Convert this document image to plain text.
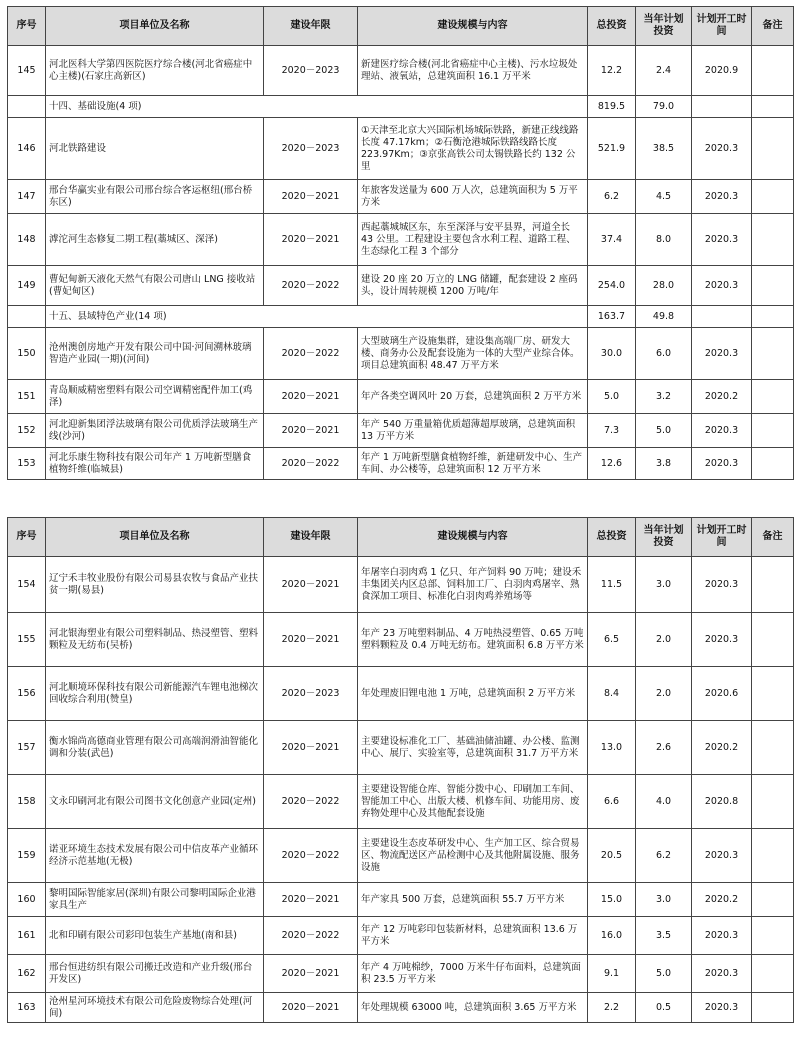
序号	项目单位及名称	建设年限	建设规模与内容	总投资	当年计划投资	计划开工时间	备注
145	河北医科大学第四医院医疗综合楼(河北省癌症中心主楼)(石家庄高新区)	2020－2023	新建医疗综合楼(河北省癌症中心主楼)、污水垃圾处理站、液氧站，总建筑面积 16.1 万平米	12.2	2.4	2020.9	
	十四、基础设施(4 项)			819.5	79.0		
146	河北铁路建设	2020－2023	①天津至北京大兴国际机场城际铁路，新建正线线路长度 47.17km；②石衡沧港城际铁路线路长度 223.97Km；③京张高铁公司太锡铁路长约 132 公里	521.9	38.5	2020.3	
147	邢台华赢实业有限公司邢台综合客运枢纽(邢台桥东区)	2020－2021	年旅客发送量为 600 万人次，总建筑面积为 5 万平方米	6.2	4.5	2020.3	
148	滹沱河生态修复二期工程(藁城区、深泽)	2020－2021	西起藁城城区东，东至深泽与安平县界，河道全长 43 公里。工程建设主要包含水利工程、道路工程、生态绿化工程 3 个部分	37.4	8.0	2020.3	
149	曹妃甸新天液化天然气有限公司唐山 LNG 接收站(曹妃甸区)	2020－2022	建设 20 座 20 万立的 LNG 储罐，配套建设 2 座码头，设计周转规模 1200 万吨/年	254.0	28.0	2020.3	
	十五、县域特色产业(14 项)			163.7	49.8		
150	沧州澳创房地产开发有限公司中国·河间溯林玻璃智造产业园(一期)(河间)	2020－2022	大型玻璃生产设施集群，建设集高端厂房、研发大楼、商务办公及配套设施为一体的大型产业综合体。项目总建筑面积 48.47 万平方米	30.0	6.0	2020.3	
151	青岛顺威精密塑料有限公司空调精密配件加工(鸡泽)	2020－2021	年产各类空调风叶 20 万套，总建筑面积 2 万平方米	5.0	3.2	2020.2	
152	河北迎新集团浮法玻璃有限公司优质浮法玻璃生产线(沙河)	2020－2021	年产 540 万重量箱优质超薄超厚玻璃，总建筑面积 13 万平方米	7.3	5.0	2020.3	
153	河北乐康生物科技有限公司年产 1 万吨新型膳食植物纤维(临城县)	2020－2022	年产 1 万吨新型膳食植物纤维，新建研发中心、生产车间、办公楼等，总建筑面积 12 万平方米	12.6	3.8	2020.3	
序号	项目单位及名称	建设年限	建设规模与内容	总投资	当年计划投资	计划开工时间	备注
154	辽宁禾丰牧业股份有限公司易县农牧与食品产业扶贫一期(易县)	2020－2021	年屠宰白羽肉鸡 1 亿只、年产饲料 90 万吨；建设禾丰集团关内区总部、饲料加工厂、白羽肉鸡屠宰、熟食深加工项目、标准化白羽肉鸡养殖场等	11.5	3.0	2020.3	
155	河北银海塑业有限公司塑料制品、热浸塑管、塑料颗粒及无纺布(吴桥)	2020－2021	年产 23 万吨塑料制品、4 万吨热浸塑管、0.65 万吨塑料颗粒及 0.4 万吨无纺布。建筑面积 6.8 万平方米	6.5	2.0	2020.3	
156	河北顺境环保科技有限公司新能源汽车锂电池梯次回收综合利用(赞皇)	2020－2023	年处理废旧锂电池 1 万吨，总建筑面积 2 万平方米	8.4	2.0	2020.6	
157	衡水锦尚高德商业管理有限公司高端润滑油智能化调和分装(武邑)	2020－2021	主要建设标准化工厂、基础油储油罐、办公楼、监测中心、展厅、实验室等，总建筑面积 31.7 万平方米	13.0	2.6	2020.2	
158	文永印刷河北有限公司图书文化创意产业园(定州)	2020－2022	主要建设智能仓库、智能分拨中心、印刷加工车间、智能加工中心、出版大楼、机修车间、功能用房、废弃物处理中心及其他配套设施	6.6	4.0	2020.8	
159	诺亚环境生态技术发展有限公司中信皮革产业循环经济示范基地(无极)	2020－2022	主要建设生态皮革研发中心、生产加工区、综合贸易区、物流配送区产品检测中心及其他附属设施、服务设施	20.5	6.2	2020.3	
160	黎明国际智能家居(深圳)有限公司黎明国际企业港家具生产	2020－2021	年产家具 500 万套，总建筑面积 55.7 万平方米	15.0	3.0	2020.2	
161	北和印刷有限公司彩印包装生产基地(南和县)	2020－2022	年产 12 万吨彩印包装新材料，总建筑面积 13.6 万平方米	16.0	3.5	2020.3	
162	邢台恒进纺织有限公司搬迁改造和产业升级(邢台开发区)	2020－2021	年产 4 万吨棉纱，7000 万米牛仔布面料，总建筑面积 23.5 万平方米	9.1	5.0	2020.3	
163	沧州星河环境技术有限公司危险废物综合处理(河间)	2020－2021	年处理规模 63000 吨，总建筑面积 3.65 万平方米	2.2	0.5	2020.3	
